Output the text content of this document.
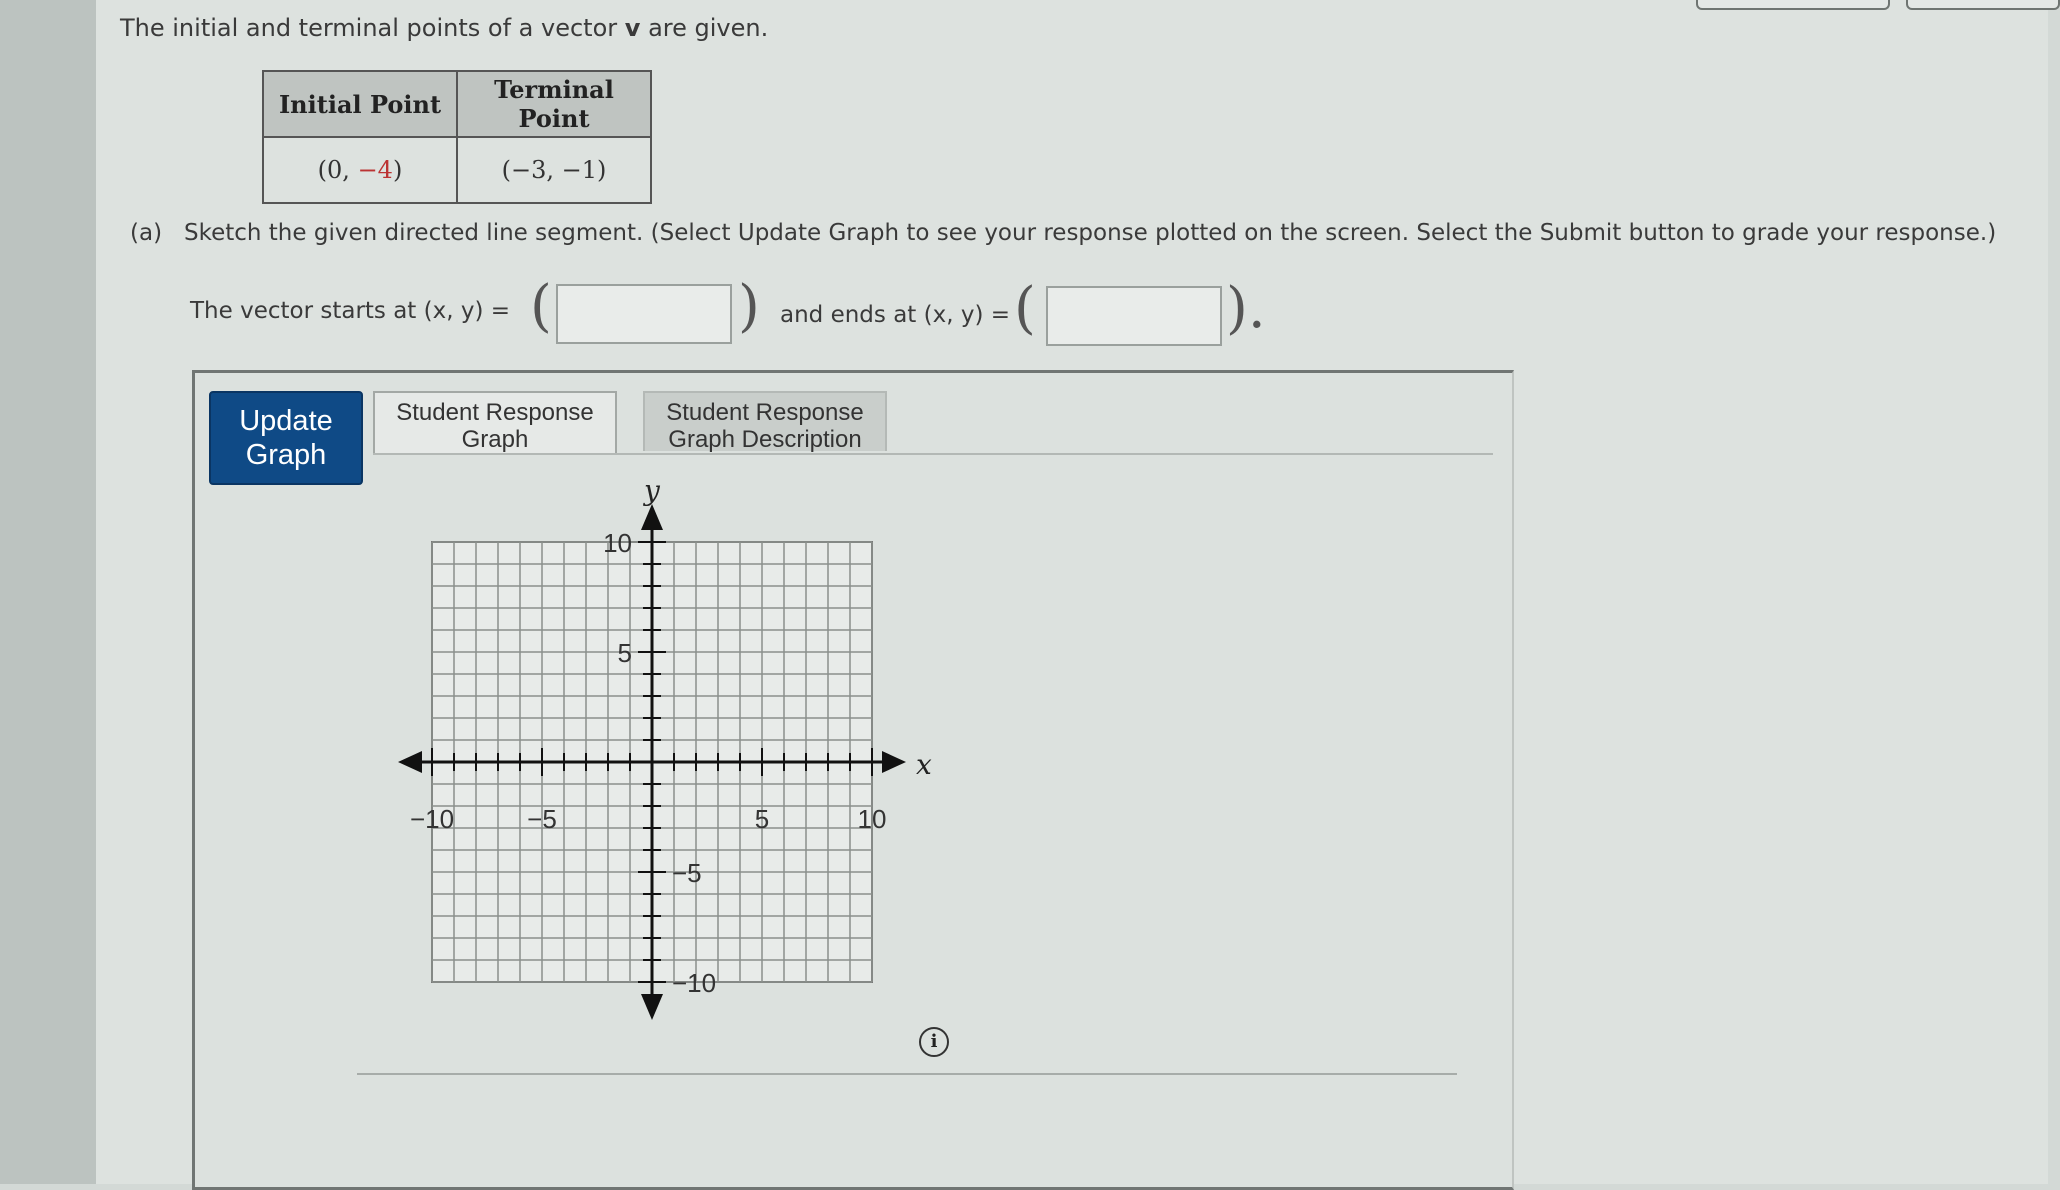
The initial and terminal points of a vector v are given.
Initial Point	Terminal Point
(0, −4)	(−3, −1)
(a) Sketch the given directed line segment. (Select Update Graph to see your response plotted on the screen. Select the Submit button to grade your response.)
The vector starts at (x, y) = (	) and ends at (x, y) = (	).
Update Graph
Student Response Graph
Student Response Graph Description
i
−10	−5	5	10
10
5
−5
−10
x
y
